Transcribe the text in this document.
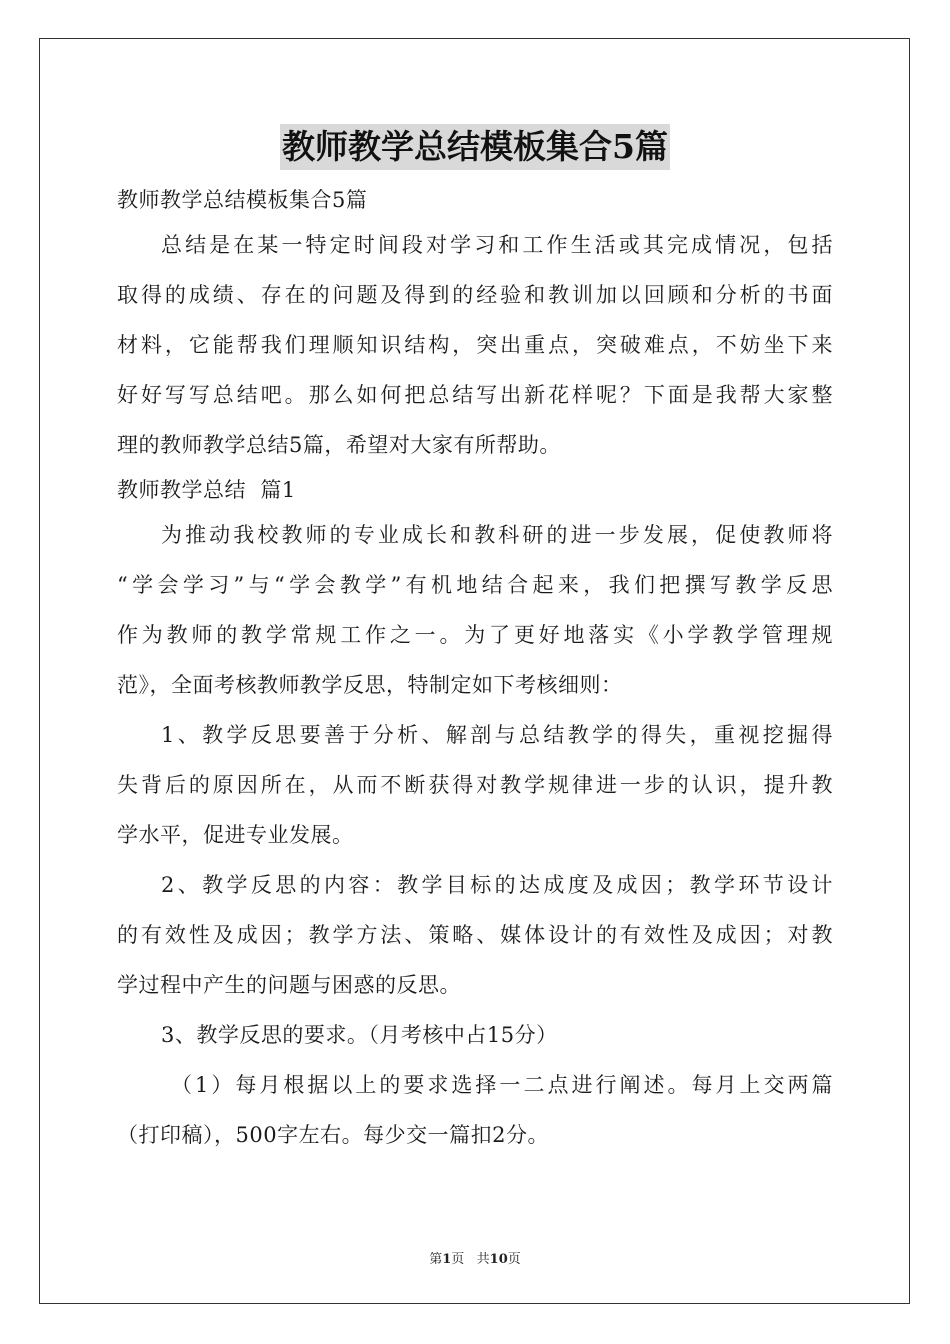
教师教学总结模板集合5篇
教师教学总结模板集合5篇
总结是在某一特定时间段对学习和工作生活或其完成情况，包括
取得的成绩、存在的问题及得到的经验和教训加以回顾和分析的书面
材料，它能帮我们理顺知识结构，突出重点，突破难点，不妨坐下来
好好写写总结吧。那么如何把总结写出新花样呢？下面是我帮大家整
理的教师教学总结5篇，希望对大家有所帮助。
教师教学总结  篇1
为推动我校教师的专业成长和教科研的进一步发展，促使教师将
“学会学习”与“学会教学”有机地结合起来，我们把撰写教学反思
作为教师的教学常规工作之一。为了更好地落实《小学教学管理规
范》，全面考核教师教学反思，特制定如下考核细则：
1、教学反思要善于分析、解剖与总结教学的得失，重视挖掘得
失背后的原因所在，从而不断获得对教学规律进一步的认识，提升教
学水平，促进专业发展。
2、教学反思的内容：教学目标的达成度及成因；教学环节设计
的有效性及成因；教学方法、策略、媒体设计的有效性及成因；对教
学过程中产生的问题与困惑的反思。
3、教学反思的要求。（月考核中占15分）
（1）每月根据以上的要求选择一二点进行阐述。每月上交两篇
（打印稿），500字左右。每少交一篇扣2分。
第1页   共10页
